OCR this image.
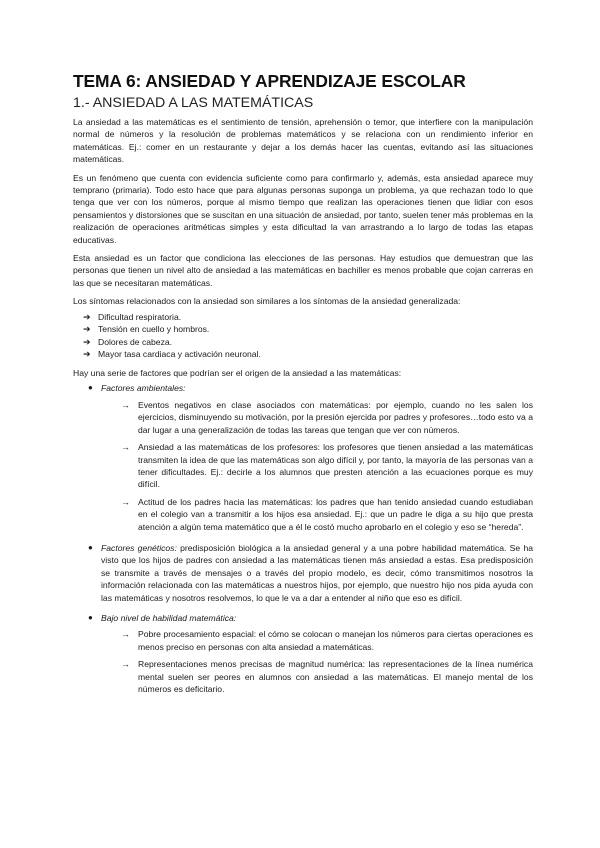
TEMA 6: ANSIEDAD Y APRENDIZAJE ESCOLAR
1.- ANSIEDAD A LAS MATEMÁTICAS

La ansiedad a las matemáticas es el sentimiento de tensión, aprehensión o temor, que interfiere con la manipulación normal de números y la resolución de problemas matemáticos y se relaciona con un rendimiento inferior en matemáticas. Ej.: comer en un restaurante y dejar a los demás hacer las cuentas, evitando así las situaciones matemáticas.

Es un fenómeno que cuenta con evidencia suficiente como para confirmarlo y, además, esta ansiedad aparece muy temprano (primaria). Todo esto hace que para algunas personas suponga un problema, ya que rechazan todo lo que tenga que ver con los números, porque al mismo tiempo que realizan las operaciones tienen que lidiar con esos pensamientos y distorsiones que se suscitan en una situación de ansiedad, por tanto, suelen tener más problemas en la realización de operaciones aritméticas simples y esta dificultad la van arrastrando a lo largo de todas las etapas educativas.

Esta ansiedad es un factor que condiciona las elecciones de las personas. Hay estudios que demuestran que las personas que tienen un nivel alto de ansiedad a las matemáticas en bachiller es menos probable que cojan carreras en las que se necesitaran matemáticas.

Los síntomas relacionados con la ansiedad son similares a los síntomas de la ansiedad generalizada:

➔ Dificultad respiratoria.
➔ Tensión en cuello y hombros.
➔ Dolores de cabeza.
➔ Mayor tasa cardiaca y activación neuronal.

Hay una serie de factores que podrían ser el origen de la ansiedad a las matemáticas:

● Factores ambientales:

→ Eventos negativos en clase asociados con matemáticas: por ejemplo, cuando no les salen los ejercicios, disminuyendo su motivación, por la presión ejercida por padres y profesores…todo esto va a dar lugar a una generalización de todas las tareas que tengan que ver con números.

→ Ansiedad a las matemáticas de los profesores: los profesores que tienen ansiedad a las matemáticas transmiten la idea de que las matemáticas son algo difícil y, por tanto, la mayoría de las personas van a tener dificultades. Ej.: decirle a los alumnos que presten atención a las ecuaciones porque es muy difícil.

→ Actitud de los padres hacia las matemáticas: los padres que han tenido ansiedad cuando estudiaban en el colegio van a transmitir a los hijos esa ansiedad. Ej.: que un padre le diga a su hijo que presta atención a algún tema matemático que a él le costó mucho aprobarlo en el colegio y eso se “hereda”.

● Factores genéticos: predisposición biológica a la ansiedad general y a una pobre habilidad matemática. Se ha visto que los hijos de padres con ansiedad a las matemáticas tienen más ansiedad a estas. Esa predisposición se transmite a través de mensajes o a través del propio modelo, es decir, cómo transmitimos nosotros la información relacionada con las matemáticas a nuestros hijos, por ejemplo, que nuestro hijo nos pida ayuda con las matemáticas y nosotros resolvemos, lo que le va a dar a entender al niño que eso es difícil.

● Bajo nivel de habilidad matemática:

→ Pobre procesamiento espacial: el cómo se colocan o manejan los números para ciertas operaciones es menos preciso en personas con alta ansiedad a matemáticas.

→ Representaciones menos precisas de magnitud numérica: las representaciones de la línea numérica mental suelen ser peores en alumnos con ansiedad a las matemáticas. El manejo mental de los números es deficitario.
